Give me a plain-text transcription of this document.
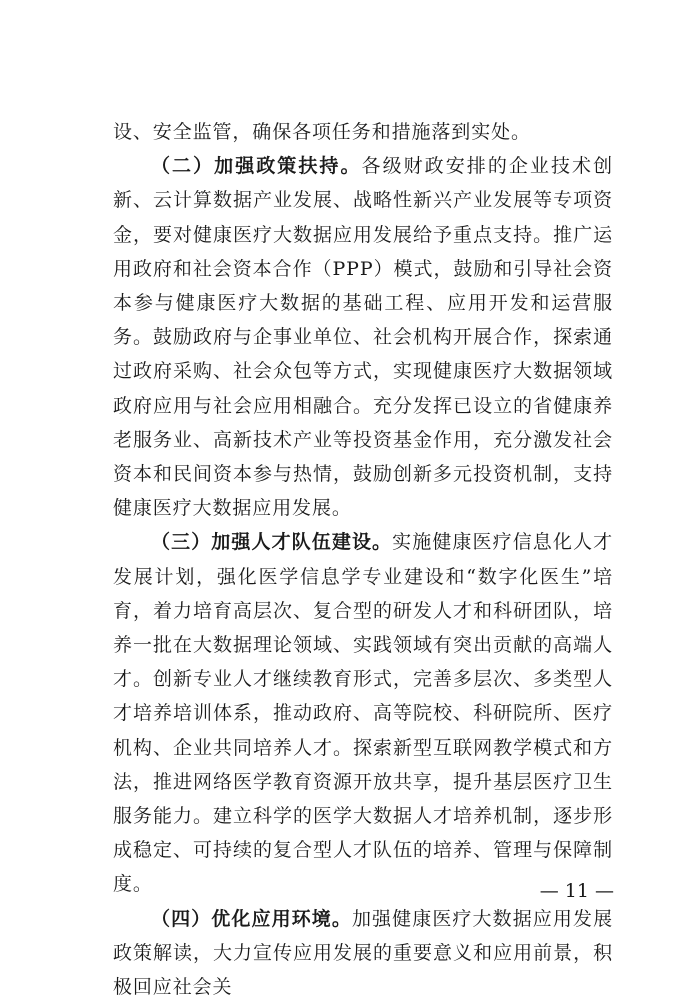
设、安全监管，确保各项任务和措施落到实处。

（二）加强政策扶持。各级财政安排的企业技术创新、云计算数据产业发展、战略性新兴产业发展等专项资金，要对健康医疗大数据应用发展给予重点支持。推广运用政府和社会资本合作（PPP）模式，鼓励和引导社会资本参与健康医疗大数据的基础工程、应用开发和运营服务。鼓励政府与企事业单位、社会机构开展合作，探索通过政府采购、社会众包等方式，实现健康医疗大数据领域政府应用与社会应用相融合。充分发挥已设立的省健康养老服务业、高新技术产业等投资基金作用，充分激发社会资本和民间资本参与热情，鼓励创新多元投资机制，支持健康医疗大数据应用发展。

（三）加强人才队伍建设。实施健康医疗信息化人才发展计划，强化医学信息学专业建设和“数字化医生”培育，着力培育高层次、复合型的研发人才和科研团队，培养一批在大数据理论领域、实践领域有突出贡献的高端人才。创新专业人才继续教育形式，完善多层次、多类型人才培养培训体系，推动政府、高等院校、科研院所、医疗机构、企业共同培养人才。探索新型互联网教学模式和方法，推进网络医学教育资源开放共享，提升基层医疗卫生服务能力。建立科学的医学大数据人才培养机制，逐步形成稳定、可持续的复合型人才队伍的培养、管理与保障制度。

（四）优化应用环境。加强健康医疗大数据应用发展政策解读，大力宣传应用发展的重要意义和应用前景，积极回应社会关

— 11 —
